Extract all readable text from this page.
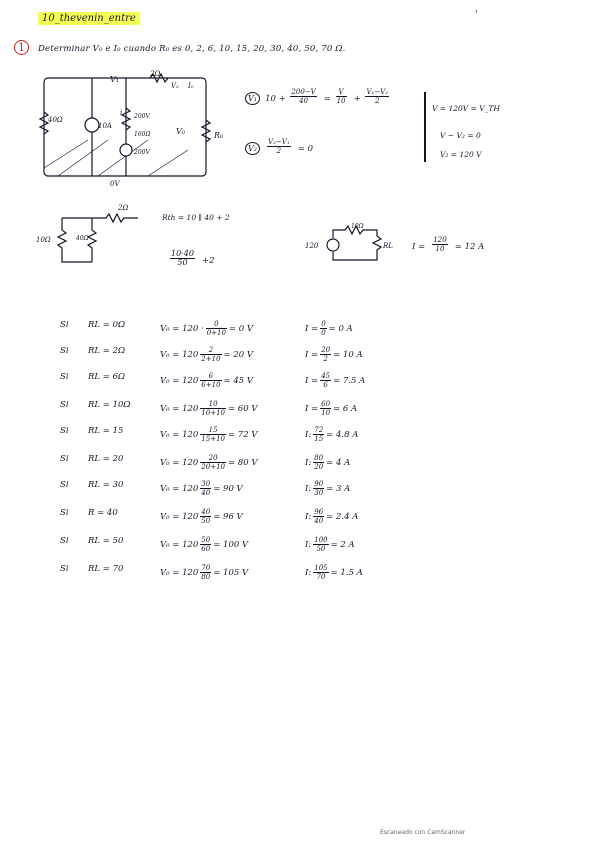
10_thevenin_entre	'
1	Determinar V₀ e I₀ cuando R₀ es 0, 2, 6, 10, 15, 20, 30, 40, 50, 70 Ω.
40Ω
10A
V₁
2Ω
V₂ I₀
i
160Ω
200V
200V
V₀	R₀
0V
V₁ $10 + \frac{200-V}{40} = \frac{V}{10} + \frac{\text{V₁−V₂}}{2}$
$V_2 \frac{\text{V₂−V₁}}{2} = 0$
V = 120V = V_TH
V − V₂ = 0
V₂ = 120 V
2Ω
10Ω	40Ω
Rth = 10 ∥ 40 + 2
$\frac{10\cdot 40}{50} +2$
120
10Ω
RL $I = \frac{120}{10} = 12$ A
Si RL = 0Ω	$V_0 = 120 \cdot \frac{0}{0+10} = 0$ V	$I = \frac{0}{0} = 0$ A
Si RL = 2Ω	$V_0 = 120 \frac{2}{2+10} = 20$ V	$I = \frac{20}{2} = 10$ A
Si RL = 6Ω	$V_0 = 120 \frac{6}{6+10} = 45$ V	$I = \frac{45}{6} = 7.5$ A
Si RL = 10Ω	$V_0 = 120 \frac{10}{10+10} = 60$ V	$I = \frac{60}{10} = 6$ A
Si RL = 15	$V_0 = 120 \frac{15}{15+10} = 72$ V	I: $\frac{72}{15} = 4.8$ A
Si RL = 20	$V_0 = 120 \frac{20}{20+10} = 80$ V	I: $\frac{80}{20} = 4$ A
Si RL = 30	$V_0 = 120 \frac{30}{40} = 90$ V	I: $\frac{90}{30} = 3$ A
Si R = 40	$V_0 = 120 \frac{40}{50} = 96$ V	I: $\frac{96}{40} = 2.4$ A
Si RL = 50	$V_0 = 120 \frac{50}{60} = 100$ V	I: $\frac{100}{50} = 2$ A
Si RL = 70	$V_0 = 120 \frac{70}{80} = 105$ V	I: $\frac{105}{70} = 1.5$ A
Escaneado con CamScanner
